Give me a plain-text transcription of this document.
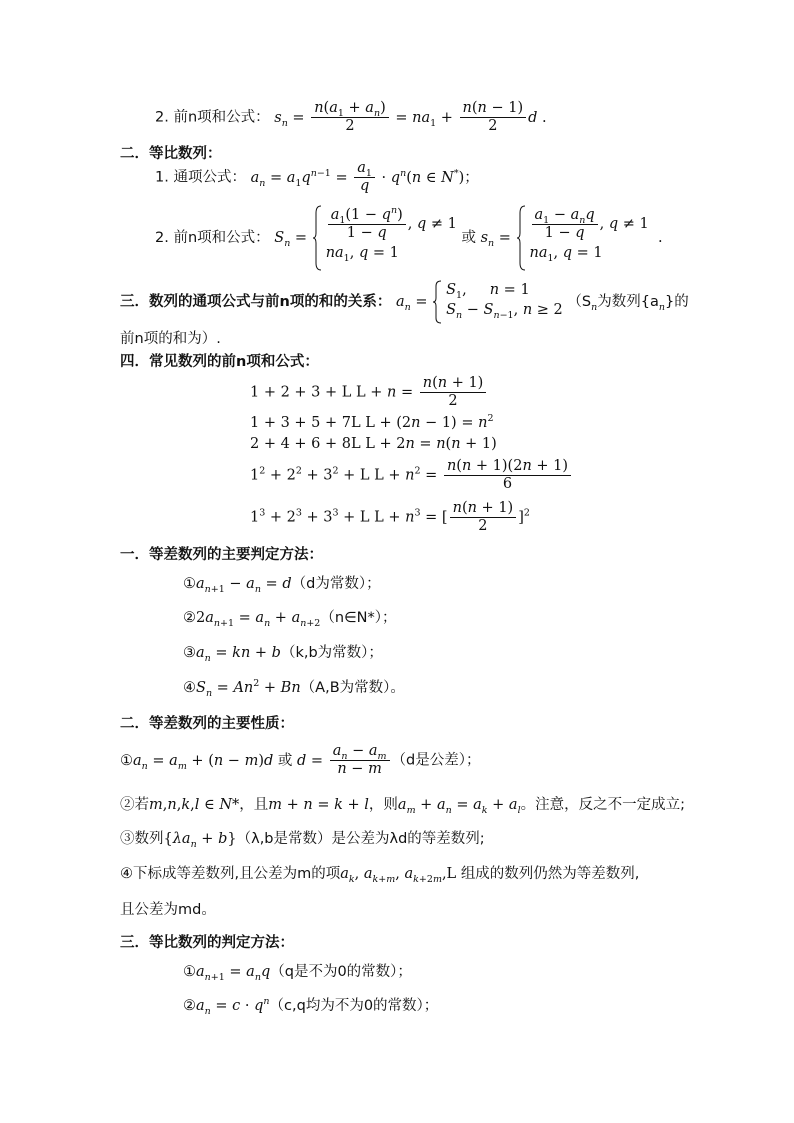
2. 前n项和公式： $s_n = \frac{n(a_1 + a_n)}{2} = na_1 + \frac{n(n - 1)}{2}$ d .
二．等比数列：
1. 通项公式： $a_n = a_1q^{n-1} = \frac{a_1}{q} \cdot q^n(n$ ∈ N*)；
2. 前n项和公式： $S_n = \frac{a_1(1 - q^n)}{1 - q}$ , q ≠ 1
$na_1$, q = 1
或 $s_n = \frac{a_1 - a_nq}{1 - q}$ , q ≠ 1
$na_1$, q = 1
.
三．数列的通项公式与前n项的和的关系： $a_n$ =
$S_1$,     n = 1
$S_n - S_{n-1}$, n ≥ 2 （$S_n$为数列$\{a_n\}$的
前n项的和为）.
四．常见数列的前n项和公式：
1 + 2 + 3 + L $L + n = \frac{n(n + 1)}{2}$
1 + 3 + 5 + 7L $L + (2n - 1) = n^2$
2 + 4 + 6 + 8L L + 2n = n(n + 1)
$1^2 + 2^2 + 3^2 + L$ $L + n^2 = \frac{n(n + 1)(2n + 1)}{6}$
$1^3 + 2^3 + 3^3 + L$ $L + n^3$ = [ $\frac{n(n + 1)}{2} ]^2$
一．等差数列的主要判定方法：
$①a_{n+1} - a_n = d(d$为常数）；
$②2a_{n+1} = a_n$ + $a_{n+2}(n\in N*)$；
$③a_n$ = kn + b（k,b为常数）；
$④S_n = An^2 + Bn(A,B$为常数）。
二．等差数列的主要性质：
$①a_n = a_m + (n - m)d$ 或 $d = \frac{a_n - a_m}{n - m} (d$是公差）；
②若m,n,k,l ∈ N*，且m + n = k + l，则$a_m + a_n = a_k + a_l$。注意，反之不一定成立;
③数列$\{\lambda a_n + b\}(\lambda,b$是常数）是公差为λd的等差数列;
④下标成等差数列,且公差为m的项$a_k$, $a_{k+m}$, $a_{k+2m},L$ 组成的数列仍然为等差数列,
且公差为md。
三．等比数列的判定方法：
$①a_{n+1} = a_nq(q$是不为0的常数）；
$②a_n = c \cdot q^n(c,q$均为不为0的常数）；
